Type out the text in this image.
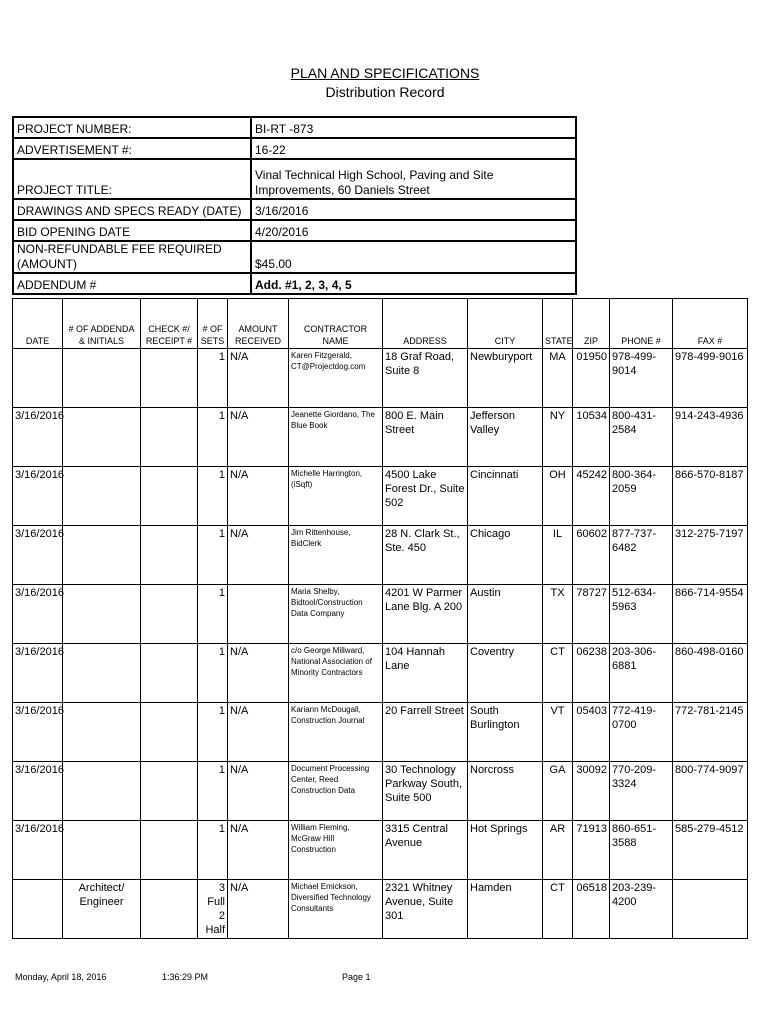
PLAN AND SPECIFICATIONS
Distribution Record
PROJECT NUMBER:	BI-RT -873
ADVERTISEMENT #:	16-22
PROJECT TITLE:	Vinal Technical High School, Paving and Site Improvements, 60 Daniels Street
DRAWINGS AND SPECS READY (DATE)	3/16/2016
BID OPENING DATE	4/20/2016
NON-REFUNDABLE FEE REQUIRED (AMOUNT)	$45.00
ADDENDUM #	Add. #1, 2, 3, 4, 5
DATE	# OF ADDENDA & INITIALS	CHECK #/ RECEIPT #	# OF SETS	AMOUNT RECEIVED	CONTRACTOR NAME	ADDRESS	CITY	STATE	ZIP	PHONE #	FAX #
			1	N/A	Karen Fitzgerald, CT@Projectdog.com	18 Graf Road, Suite 8	Newburyport	MA	01950	978-499-9014	978-499-9016
3/16/2016			1	N/A	Jeanette Giordano, The Blue Book	800 E. Main Street	Jefferson Valley	NY	10534	800-431-2584	914-243-4936
3/16/2016			1	N/A	Michelle Harrington, (iSqft)	4500 Lake Forest Dr., Suite 502	Cincinnati	OH	45242	800-364-2059	866-570-8187
3/16/2016			1	N/A	Jim Rittenhouse, BidClerk	28 N. Clark St., Ste. 450	Chicago	IL	60602	877-737-6482	312-275-7197
3/16/2016			1		Maria Shelby, Bidtool/Construction Data Company	4201 W Parmer Lane Blg. A 200	Austin	TX	78727	512-634-5963	866-714-9554
3/16/2016			1	N/A	c/o George Millward, National Association of Minority Contractors	104 Hannah Lane	Coventry	CT	06238	203-306-6881	860-498-0160
3/16/2016			1	N/A	Kariann McDougall, Construction Journal	20 Farrell Street	South Burlington	VT	05403	772-419-0700	772-781-2145
3/16/2016			1	N/A	Document Processing Center, Reed Construction Data	30 Technology Parkway South, Suite 500	Norcross	GA	30092	770-209-3324	800-774-9097
3/16/2016			1	N/A	William Fleming, McGraw Hill Construction	3315 Central Avenue	Hot Springs	AR	71913	860-651-3588	585-279-4512
	Architect/ Engineer		3 Full 2 Half	N/A	Michael Emickson, Diversified Technology Consultants	2321 Whitney Avenue, Suite 301	Hamden	CT	06518	203-239-4200	
Monday, April 18, 2016	1:36:29 PM	Page 1
